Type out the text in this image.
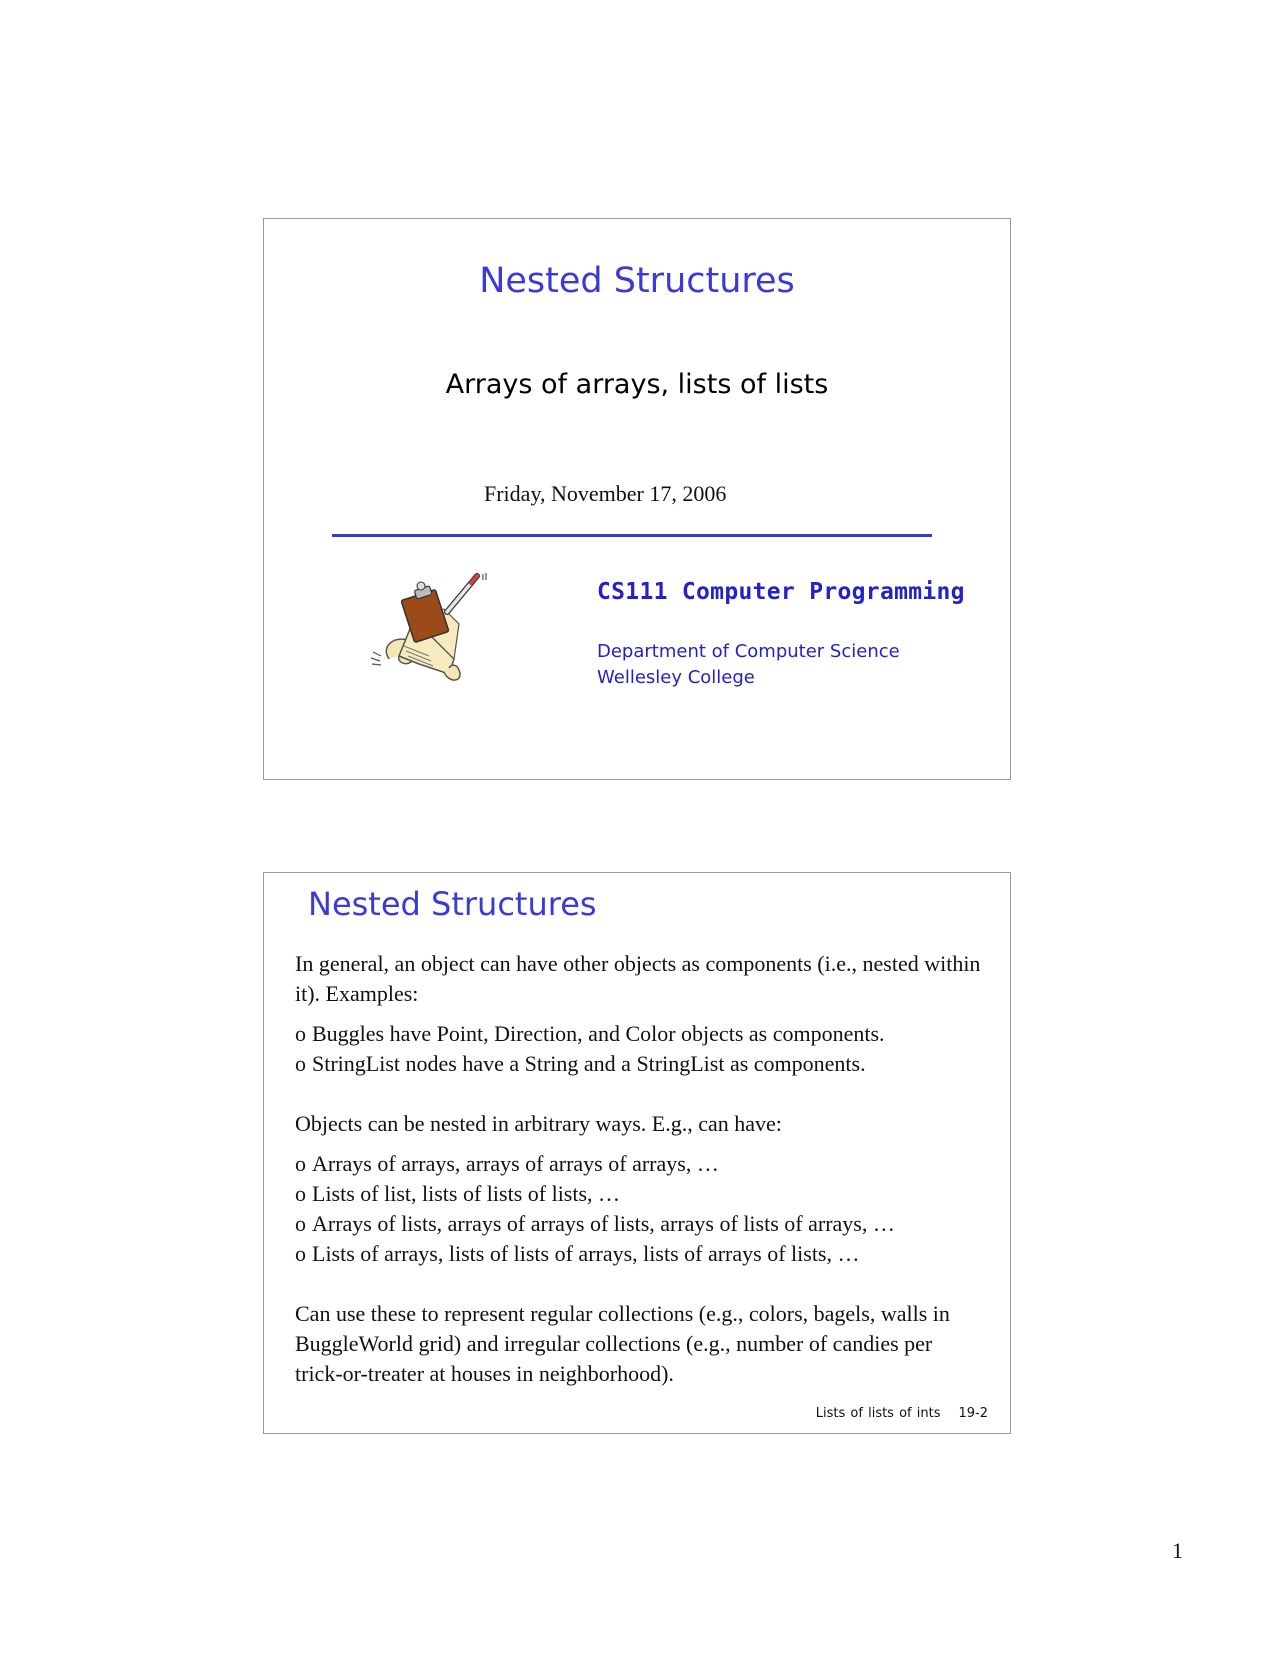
Nested Structures
Arrays of arrays, lists of lists
Friday, November 17, 2006
CS111 Computer Programming
Department of Computer Science
Wellesley College
Nested Structures

In general, an object can have other objects as components (i.e., nested within it). Examples:

o Buggles have Point, Direction, and Color objects as components.
o StringList nodes have a String and a StringList as components.

Objects can be nested in arbitrary ways. E.g., can have:

o Arrays of arrays, arrays of arrays of arrays, …
o Lists of list, lists of lists of lists, …
o Arrays of lists, arrays of arrays of lists, arrays of lists of arrays, …
o Lists of arrays, lists of lists of arrays, lists of arrays of lists, …

Can use these to represent regular collections (e.g., colors, bagels, walls in BuggleWorld grid) and irregular collections (e.g., number of candies per trick-or-treater at houses in neighborhood).

Lists of lists of ints 19-2
1
